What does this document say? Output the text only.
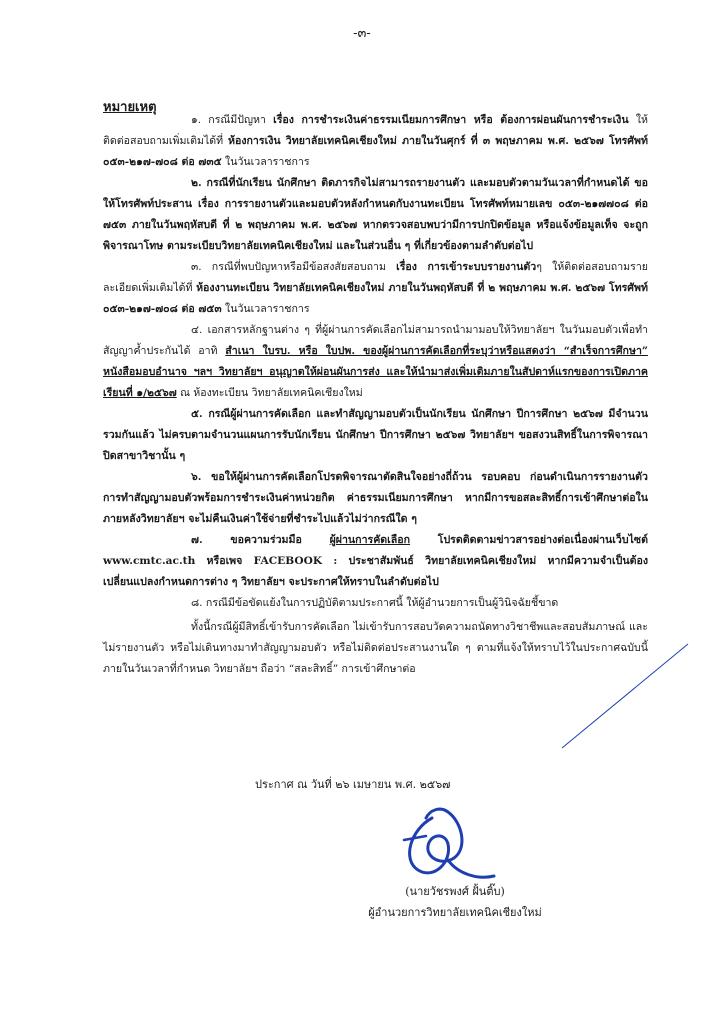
-๓-
หมายเหตุ

๑. กรณีมีปัญหา เรื่อง การชำระเงินค่าธรรมเนียมการศึกษา หรือ ต้องการผ่อนผันการชำระเงิน ให้ติดต่อสอบถามเพิ่มเติมได้ที่ ห้องการเงิน วิทยาลัยเทคนิคเชียงใหม่ ภายในวันศุกร์ ที่ ๓ พฤษภาคม พ.ศ. ๒๕๖๗ โทรศัพท์ ๐๕๓-๒๑๗-๗๐๘ ต่อ ๗๓๕ ในวันเวลาราชการ

๒. กรณีที่นักเรียน นักศึกษา ติดภารกิจไม่สามารถรายงานตัว และมอบตัวตามวันเวลาที่กำหนดได้ ขอให้โทรศัพท์ประสาน เรื่อง การรายงานตัวและมอบตัวหลังกำหนดกับงานทะเบียน โทรศัพท์หมายเลข ๐๕๓-๒๑๗๗๐๘ ต่อ ๗๕๓ ภายในวันพฤหัสบดี ที่ ๒ พฤษภาคม พ.ศ. ๒๕๖๗ หากตรวจสอบพบว่ามีการปกปิดข้อมูล หรือแจ้งข้อมูลเท็จ จะถูก พิจารณาโทษ ตามระเบียบวิทยาลัยเทคนิคเชียงใหม่ และในส่วนอื่น ๆ ที่เกี่ยวข้องตามลำดับต่อไป

๓. กรณีที่พบปัญหาหรือมีข้อสงสัยสอบถาม เรื่อง การเข้าระบบรายงานตัวๆ ให้ติดต่อสอบถามรายละเอียดเพิ่มเติมได้ที่ ห้องงานทะเบียน วิทยาลัยเทคนิคเชียงใหม่ ภายในวันพฤหัสบดี ที่ ๒ พฤษภาคม พ.ศ. ๒๕๖๗ โทรศัพท์ ๐๕๓-๒๑๗-๗๐๘ ต่อ ๗๕๓ ในวันเวลาราชการ

๔. เอกสารหลักฐานต่าง ๆ ที่ผู้ผ่านการคัดเลือกไม่สามารถนำมามอบให้วิทยาลัยฯ ในวันมอบตัวเพื่อทำสัญญาค้ำประกันได้ อาทิ สำเนา ใบรบ. หรือ ใบปพ. ของผู้ผ่านการคัดเลือกที่ระบุว่าหรือแสดงว่า “สำเร็จการศึกษา” หนังสือมอบอำนาจ ฯลฯ วิทยาลัยฯ อนุญาตให้ผ่อนผันการส่ง และให้นำมาส่งเพิ่มเติมภายในสัปดาห์แรกของการเปิดภาคเรียนที่ ๑/๒๕๖๗ ณ ห้องทะเบียน วิทยาลัยเทคนิคเชียงใหม่

๕. กรณีผู้ผ่านการคัดเลือก และทำสัญญามอบตัวเป็นนักเรียน นักศึกษา ปีการศึกษา ๒๕๖๗ มีจำนวนรวมกันแล้ว ไม่ครบตามจำนวนแผนการรับนักเรียน นักศึกษา ปีการศึกษา ๒๕๖๗ วิทยาลัยฯ ขอสงวนสิทธิ์ในการพิจารณา ปิดสาขาวิชานั้น ๆ

๖. ขอให้ผู้ผ่านการคัดเลือกโปรดพิจารณาตัดสินใจอย่างถี่ถ้วน รอบคอบ ก่อนดำเนินการรายงานตัว การทำสัญญามอบตัวพร้อมการชำระเงินค่าหน่วยกิต ค่าธรรมเนียมการศึกษา หากมีการขอสละสิทธิ์การเข้าศึกษาต่อในภายหลังวิทยาลัยฯ จะไม่คืนเงินค่าใช้จ่ายที่ชำระไปแล้วไม่ว่ากรณีใด ๆ

๗. ขอความร่วมมือ ผู้ผ่านการคัดเลือก โปรดติดตามข่าวสารอย่างต่อเนื่องผ่านเว็บไซต์ www.cmtc.ac.th หรือเพจ FACEBOOK : ประชาสัมพันธ์ วิทยาลัยเทคนิคเชียงใหม่ หากมีความจำเป็นต้องเปลี่ยนแปลงกำหนดการต่าง ๆ วิทยาลัยฯ จะประกาศให้ทราบในลำดับต่อไป

๘. กรณีมีข้อขัดแย้งในการปฏิบัติตามประกาศนี้ ให้ผู้อำนวยการเป็นผู้วินิจฉัยชี้ขาด

ทั้งนี้กรณีผู้มีสิทธิ์เข้ารับการคัดเลือก ไม่เข้ารับการสอบวัดความถนัดทางวิชาชีพและสอบสัมภาษณ์ และไม่รายงานตัว หรือไม่เดินทางมาทำสัญญามอบตัว หรือไม่ติดต่อประสานงานใด ๆ ตามที่แจ้งให้ทราบไว้ในประกาศฉบับนี้ ภายในวันเวลาที่กำหนด วิทยาลัยฯ ถือว่า “สละสิทธิ์” การเข้าศึกษาต่อ

ประกาศ ณ วันที่ ๒๖ เมษายน พ.ศ. ๒๕๖๗
(นายวัชรพงศ์ ฝั้นติ๊บ)
ผู้อำนวยการวิทยาลัยเทคนิคเชียงใหม่
